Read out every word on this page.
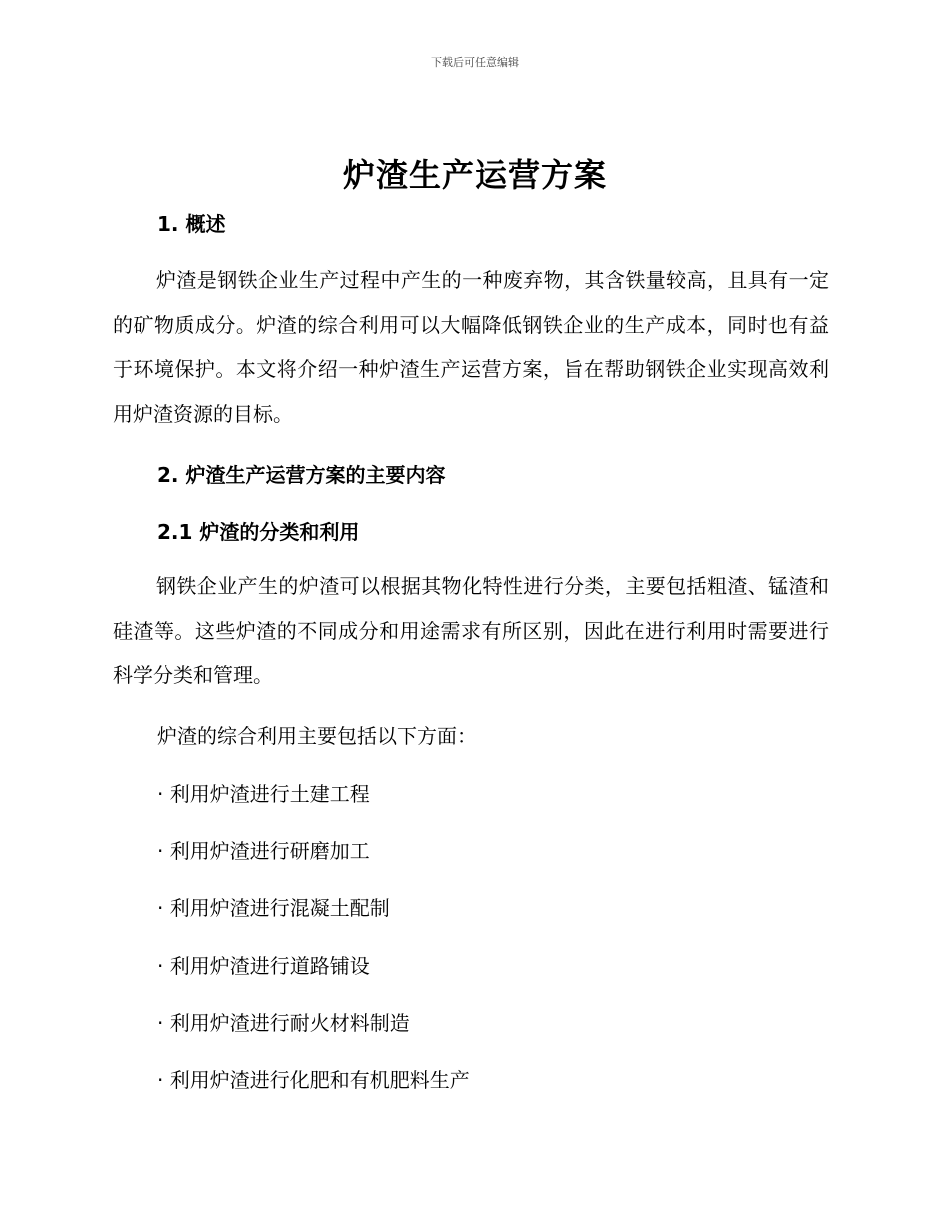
下载后可任意编辑
炉渣生产运营方案
1. 概述

炉渣是钢铁企业生产过程中产生的一种废弃物，其含铁量较高，且具有一定的矿物质成分。炉渣的综合利用可以大幅降低钢铁企业的生产成本，同时也有益于环境保护。本文将介绍一种炉渣生产运营方案，旨在帮助钢铁企业实现高效利用炉渣资源的目标。

2. 炉渣生产运营方案的主要内容
2.1 炉渣的分类和利用

钢铁企业产生的炉渣可以根据其物化特性进行分类，主要包括粗渣、锰渣和硅渣等。这些炉渣的不同成分和用途需求有所区别，因此在进行利用时需要进行科学分类和管理。

炉渣的综合利用主要包括以下方面：
· 利用炉渣进行土建工程
· 利用炉渣进行研磨加工
· 利用炉渣进行混凝土配制
· 利用炉渣进行道路铺设
· 利用炉渣进行耐火材料制造
· 利用炉渣进行化肥和有机肥料生产
